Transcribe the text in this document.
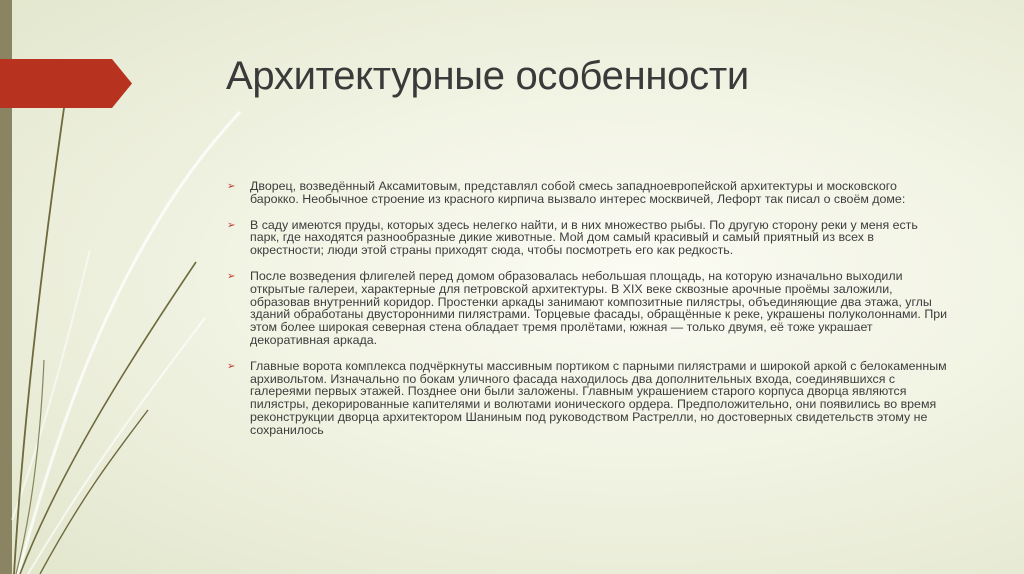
Архитектурные особенности
➢ Дворец, возведённый Аксамитовым, представлял собой смесь западноевропейской архитектуры и московского барокко. Необычное строение из красного кирпича вызвало интерес москвичей, Лефорт так писал о своём доме:
➢ В саду имеются пруды, которых здесь нелегко найти, и в них множество рыбы. По другую сторону реки у меня есть парк, где находятся разнообразные дикие животные. Мой дом самый красивый и самый приятный из всех в окрестности; люди этой страны приходят сюда, чтобы посмотреть его как редкость.
➢ После возведения флигелей перед домом образовалась небольшая площадь, на которую изначально выходили открытые галереи, характерные для петровской архитектуры. В XIX веке сквозные арочные проёмы заложили, образовав внутренний коридор. Простенки аркады занимают композитные пилястры, объединяющие два этажа, углы зданий обработаны двусторонними пилястрами. Торцевые фасады, обращённые к реке, украшены полуколоннами. При этом более широкая северная стена обладает тремя пролётами, южная — только двумя, её тоже украшает декоративная аркада.
➢ Главные ворота комплекса подчёркнуты массивным портиком с парными пилястрами и широкой аркой с белокаменным архивольтом. Изначально по бокам уличного фасада находилось два дополнительных входа, соединявшихся с галереями первых этажей. Позднее они были заложены. Главным украшением старого корпуса дворца являются пилястры, декорированные капителями и волютами ионического ордера. Предположительно, они появились во время реконструкции дворца архитектором Шаниным под руководством Растрелли, но достоверных свидетельств этому не сохранилось
